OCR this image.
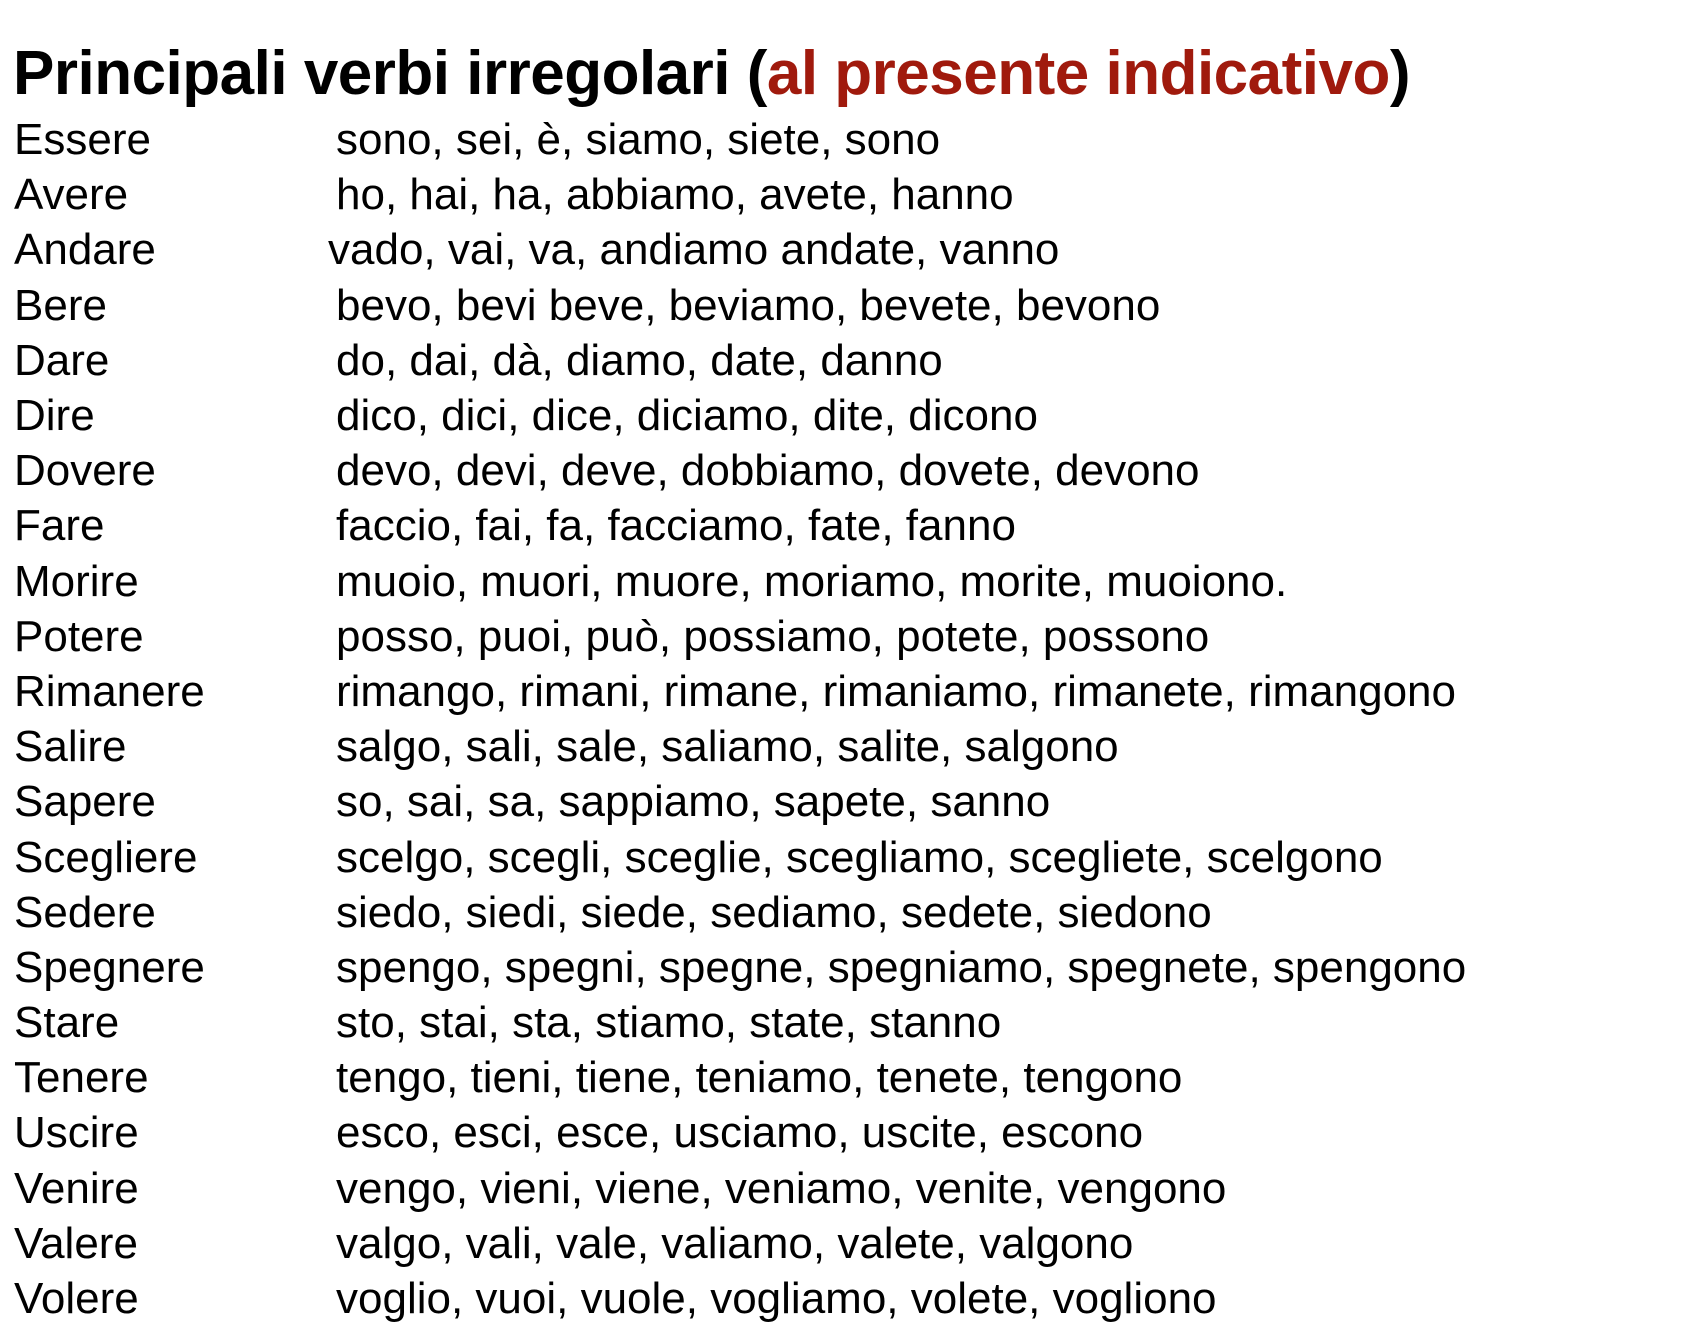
Principali verbi irregolari (al presente indicativo)
Essere	sono, sei, è, siamo, siete, sono
Avere	ho, hai, ha, abbiamo, avete, hanno
Andare	vado, vai, va, andiamo andate, vanno
Bere	bevo, bevi beve, beviamo, bevete, bevono
Dare	do, dai, dà, diamo, date, danno
Dire	dico, dici, dice, diciamo, dite, dicono
Dovere	devo, devi, deve, dobbiamo, dovete, devono
Fare	faccio, fai, fa, facciamo, fate, fanno
Morire	muoio, muori, muore, moriamo, morite, muoiono.
Potere	posso, puoi, può, possiamo, potete, possono
Rimanere	rimango, rimani, rimane, rimaniamo, rimanete, rimangono
Salire	salgo, sali, sale, saliamo, salite, salgono
Sapere	so, sai, sa, sappiamo, sapete, sanno
Scegliere	scelgo, scegli, sceglie, scegliamo, scegliete, scelgono
Sedere	siedo, siedi, siede, sediamo, sedete, siedono
Spegnere	spengo, spegni, spegne, spegniamo, spegnete, spengono
Stare	sto, stai, sta, stiamo, state, stanno
Tenere	tengo, tieni, tiene, teniamo, tenete, tengono
Uscire	esco, esci, esce, usciamo, uscite, escono
Venire	vengo, vieni, viene, veniamo, venite, vengono
Valere	valgo, vali, vale, valiamo, valete, valgono
Volere	voglio, vuoi, vuole, vogliamo, volete, vogliono
